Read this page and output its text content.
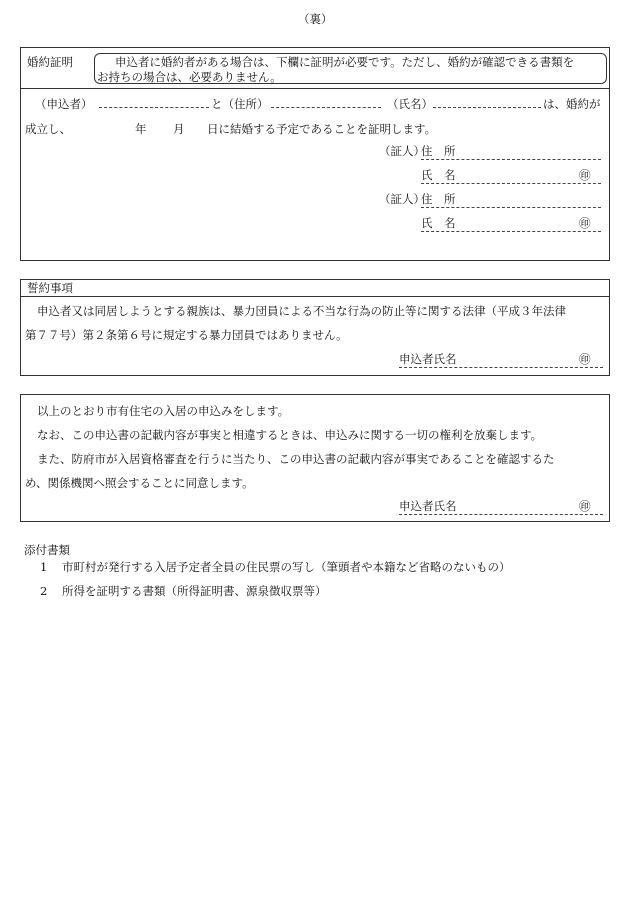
（裏）
婚約証明	申込者に婚約者がある場合は、下欄に証明が必要です。ただし、婚約が確認できる書類を
お持ちの場合は、必要ありません。
（申込者）	と（住所）	（氏名）	は、婚約が
成立し、	年 月 日に結婚する予定であることを証明します。
（証人）
住　所
氏　名	㊞
（証人）
住　所
氏　名	㊞
誓約事項
申込者又は同居しようとする親族は、暴力団員による不当な行為の防止等に関する法律（平成３年法律
第７７号）第２条第６号に規定する暴力団員ではありません。
申込者氏名	㊞
以上のとおり市有住宅の入居の申込みをします。
なお、この申込書の記載内容が事実と相違するときは、申込みに関する一切の権利を放棄します。
また、防府市が入居資格審査を行うに当たり、この申込書の記載内容が事実であることを確認するた
め、関係機関へ照会することに同意します。
申込者氏名	㊞
添付書類
1 市町村が発行する入居予定者全員の住民票の写し（筆頭者や本籍など省略のないもの）
2 所得を証明する書類（所得証明書、源泉徴収票等）
